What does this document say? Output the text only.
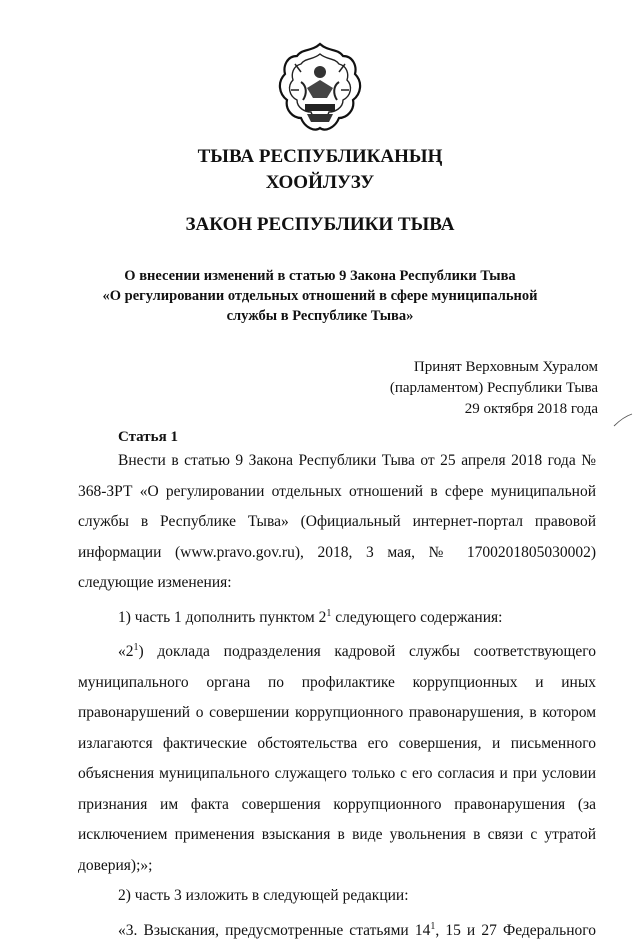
ТЫВА РЕСПУБЛИКАНЫҢ
ХООЙЛУЗУ
ЗАКОН РЕСПУБЛИКИ ТЫВА
О внесении изменений в статью 9 Закона Республики Тыва
«О регулировании отдельных отношений в сфере муниципальной
службы в Республике Тыва»
Принят Верховным Хуралом
(парламентом) Республики Тыва
29 октября 2018 года
Статья 1

Внести в статью 9 Закона Республики Тыва от 25 апреля 2018 года № 368-ЗРТ «О регулировании отдельных отношений в сфере муниципальной службы в Республике Тыва» (Официальный интернет-портал правовой информации (www.pravo.gov.ru), 2018, 3 мая, № 1700201805030002) следующие изменения:

1) часть 1 дополнить пунктом $2^1$ следующего содержания:

«$2^1$) доклада подразделения кадровой службы соответствующего муниципального органа по профилактике коррупционных и иных правонарушений о совершении коррупционного правонарушения, в котором излагаются фактические обстоятельства его совершения, и письменного объяснения муниципального служащего только с его согласия и при условии признания им факта совершения коррупционного правонарушения (за исключением применения взыскания в виде увольнения в связи с утратой доверия);»;

2) часть 3 изложить в следующей редакции:

«3. Взыскания, предусмотренные статьями $14^1$, 15 и 27 Федерального
